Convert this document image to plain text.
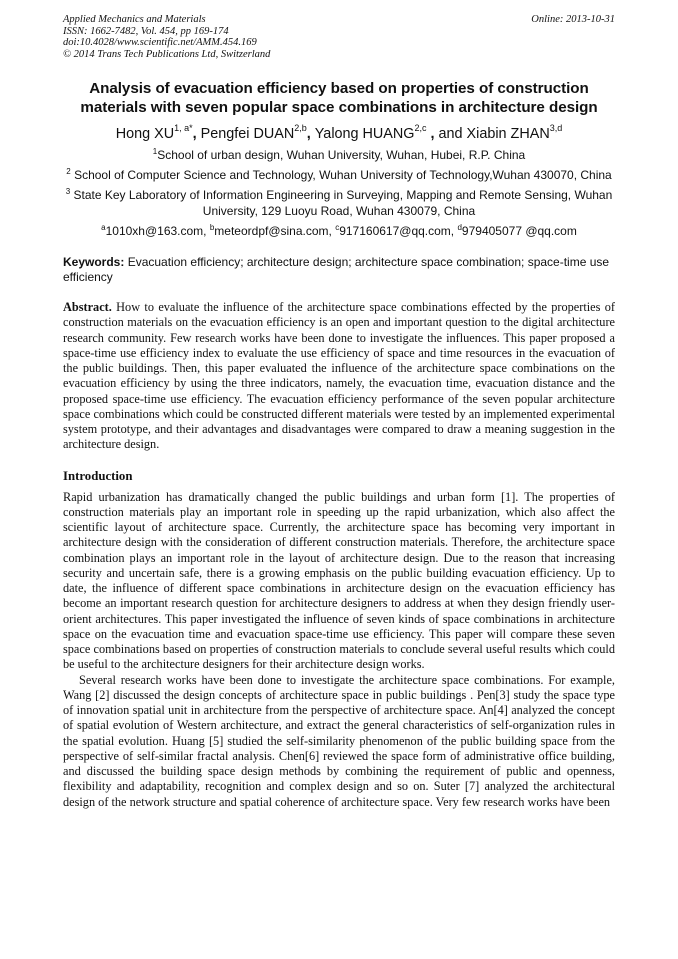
Applied Mechanics and Materials
ISSN: 1662-7482, Vol. 454, pp 169-174
doi:10.4028/www.scientific.net/AMM.454.169
© 2014 Trans Tech Publications Ltd, Switzerland
Online: 2013-10-31
Analysis of evacuation efficiency based on properties of construction materials with seven popular space combinations in architecture design
Hong $XU^{1, a*}$, Pengfei DUAN$^{2,b}$, Yalong HUANG$^{2,c}$ , and Xiabin ZHAN$^{3,d}$
$^1$School of urban design, Wuhan University, Wuhan, Hubei, R.P. China
$^2$ School of Computer Science and Technology, Wuhan University of Technology,Wuhan 430070, China
$^3$ State Key Laboratory of Information Engineering in Surveying, Mapping and Remote Sensing, Wuhan University, 129 Luoyu Road, Wuhan 430079, China
$^a$1010xh@163.com, $^b$meteordpf@sina.com, $^c$917160617@qq.com, $^d$979405077 @qq.com
Keywords: Evacuation efficiency; architecture design; architecture space combination; space-time use efficiency
Abstract. How to evaluate the influence of the architecture space combinations effected by the properties of construction materials on the evacuation efficiency is an open and important question to the digital architecture research community. Few research works have been done to investigate the influences. This paper proposed a space-time use efficiency index to evaluate the use efficiency of space and time resources in the evacuation of the public buildings. Then, this paper evaluated the influence of the architecture space combinations on the evacuation efficiency by using the three indicators, namely, the evacuation time, evacuation distance and the proposed space-time use efficiency. The evacuation efficiency performance of the seven popular architecture space combinations which could be constructed different materials were tested by an implemented experimental system prototype, and their advantages and disadvantages were compared to draw a meaning suggestion in the architecture design.
Introduction
Rapid urbanization has dramatically changed the public buildings and urban form [1]. The properties of construction materials play an important role in speeding up the rapid urbanization, which also affect the scientific layout of architecture space. Currently, the architecture space has becoming very important in architecture design with the consideration of different construction materials. Therefore, the architecture space combination plays an important role in the layout of architecture design. Due to the reason that increasing security and uncertain safe, there is a growing emphasis on the public building evacuation efficiency. Up to date, the influence of different space combinations in architecture design on the evacuation efficiency has become an important research question for architecture designers to address at when they design friendly user-orient architectures. This paper investigated the influence of seven kinds of space combinations in architecture space on the evacuation time and evacuation space-time use efficiency. This paper will compare these seven space combinations based on properties of construction materials to conclude several useful results which could be useful to the architecture designers for their architecture design works.
Several research works have been done to investigate the architecture space combinations. For example, Wang [2] discussed the design concepts of architecture space in public buildings . Pen[3] study the space type of innovation spatial unit in architecture from the perspective of architecture space. An[4] analyzed the concept of spatial evolution of Western architecture, and extract the general characteristics of self-organization rules in the spatial evolution. Huang [5] studied the self-similarity phenomenon of the public building space from the perspective of self-similar fractal analysis. Chen[6] reviewed the space form of administrative office building, and discussed the building space design methods by combining the requirement of public and openness, flexibility and adaptability, recognition and complex design and so on. Suter [7] analyzed the architectural design of the network structure and spatial coherence of architecture space. Very few research works have been
